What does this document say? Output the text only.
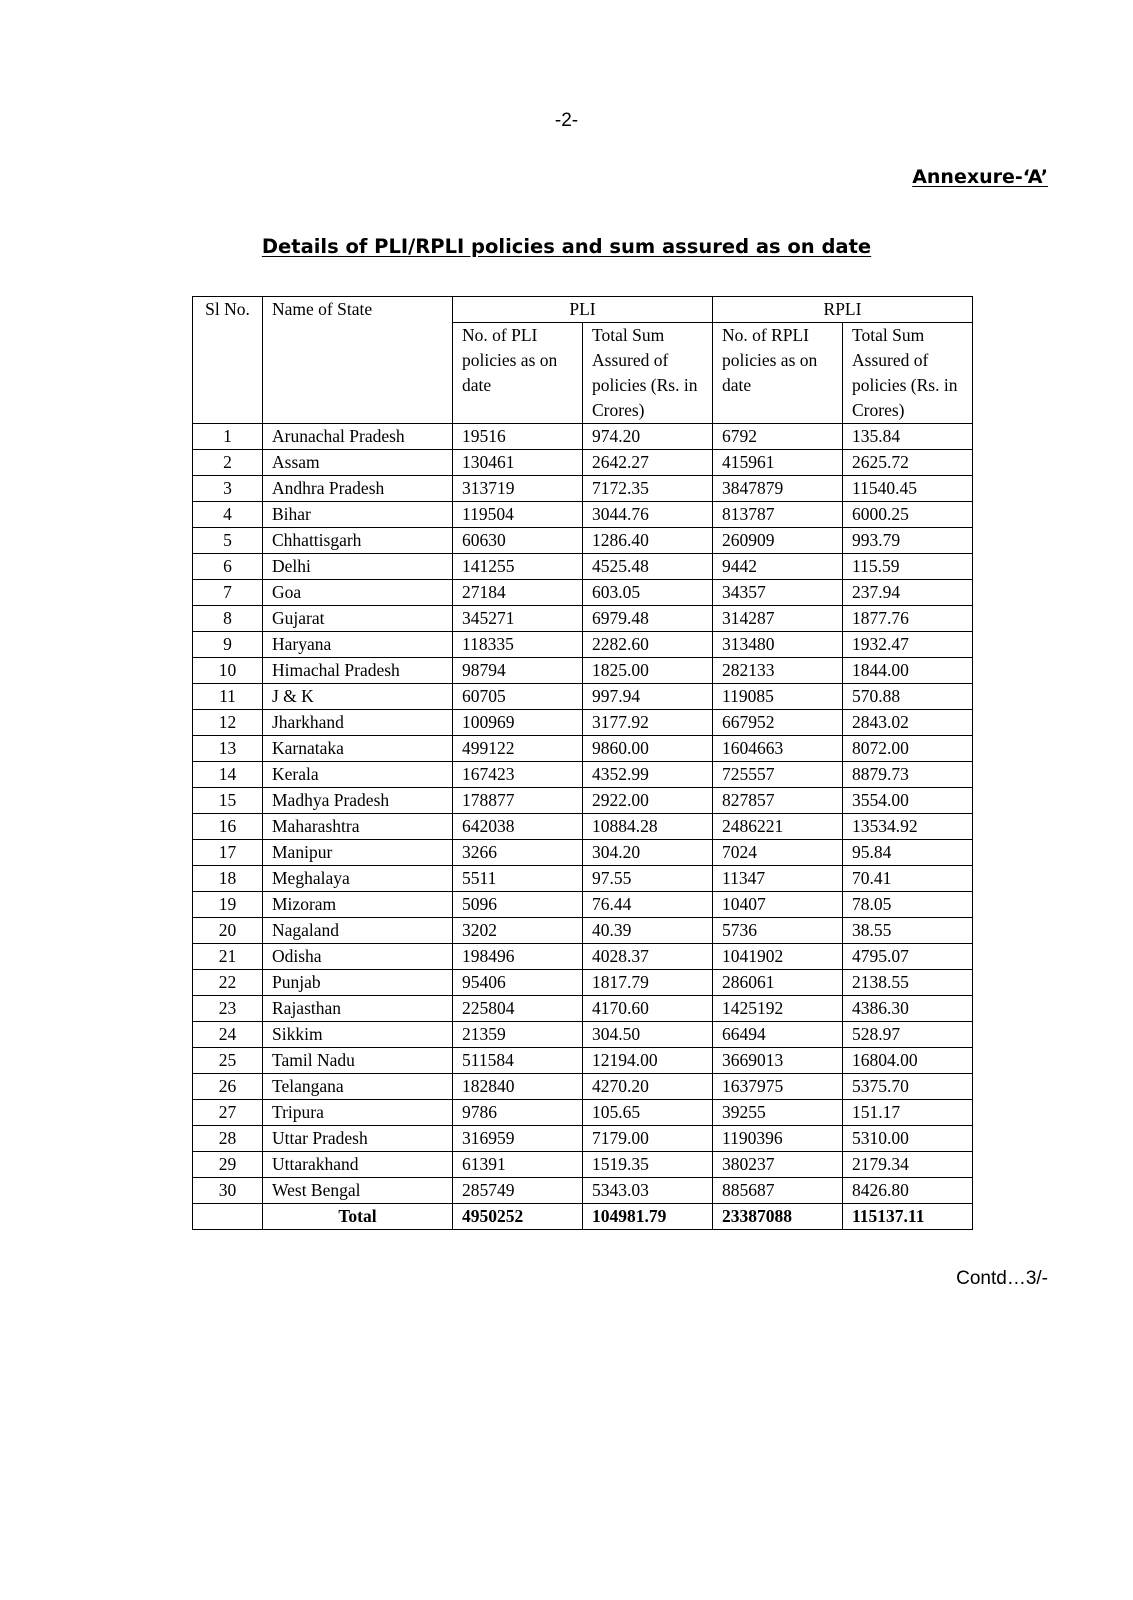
-2-
Annexure-‘A’
Details of PLI/RPLI policies and sum assured as on date
Sl No.	Name of State	PLI		RPLI	
		No. of PLI policies as on date	Total Sum Assured of policies (Rs. in Crores)	No. of RPLI policies as on date	Total Sum Assured of policies (Rs. in Crores)
1	Arunachal Pradesh	19516	974.20	6792	135.84
2	Assam	130461	2642.27	415961	2625.72
3	Andhra Pradesh	313719	7172.35	3847879	11540.45
4	Bihar	119504	3044.76	813787	6000.25
5	Chhattisgarh	60630	1286.40	260909	993.79
6	Delhi	141255	4525.48	9442	115.59
7	Goa	27184	603.05	34357	237.94
8	Gujarat	345271	6979.48	314287	1877.76
9	Haryana	118335	2282.60	313480	1932.47
10	Himachal Pradesh	98794	1825.00	282133	1844.00
11	J & K	60705	997.94	119085	570.88
12	Jharkhand	100969	3177.92	667952	2843.02
13	Karnataka	499122	9860.00	1604663	8072.00
14	Kerala	167423	4352.99	725557	8879.73
15	Madhya Pradesh	178877	2922.00	827857	3554.00
16	Maharashtra	642038	10884.28	2486221	13534.92
17	Manipur	3266	304.20	7024	95.84
18	Meghalaya	5511	97.55	11347	70.41
19	Mizoram	5096	76.44	10407	78.05
20	Nagaland	3202	40.39	5736	38.55
21	Odisha	198496	4028.37	1041902	4795.07
22	Punjab	95406	1817.79	286061	2138.55
23	Rajasthan	225804	4170.60	1425192	4386.30
24	Sikkim	21359	304.50	66494	528.97
25	Tamil Nadu	511584	12194.00	3669013	16804.00
26	Telangana	182840	4270.20	1637975	5375.70
27	Tripura	9786	105.65	39255	151.17
28	Uttar Pradesh	316959	7179.00	1190396	5310.00
29	Uttarakhand	61391	1519.35	380237	2179.34
30	West Bengal	285749	5343.03	885687	8426.80
	Total	4950252	104981.79	23387088	115137.11
Contd…3/-
